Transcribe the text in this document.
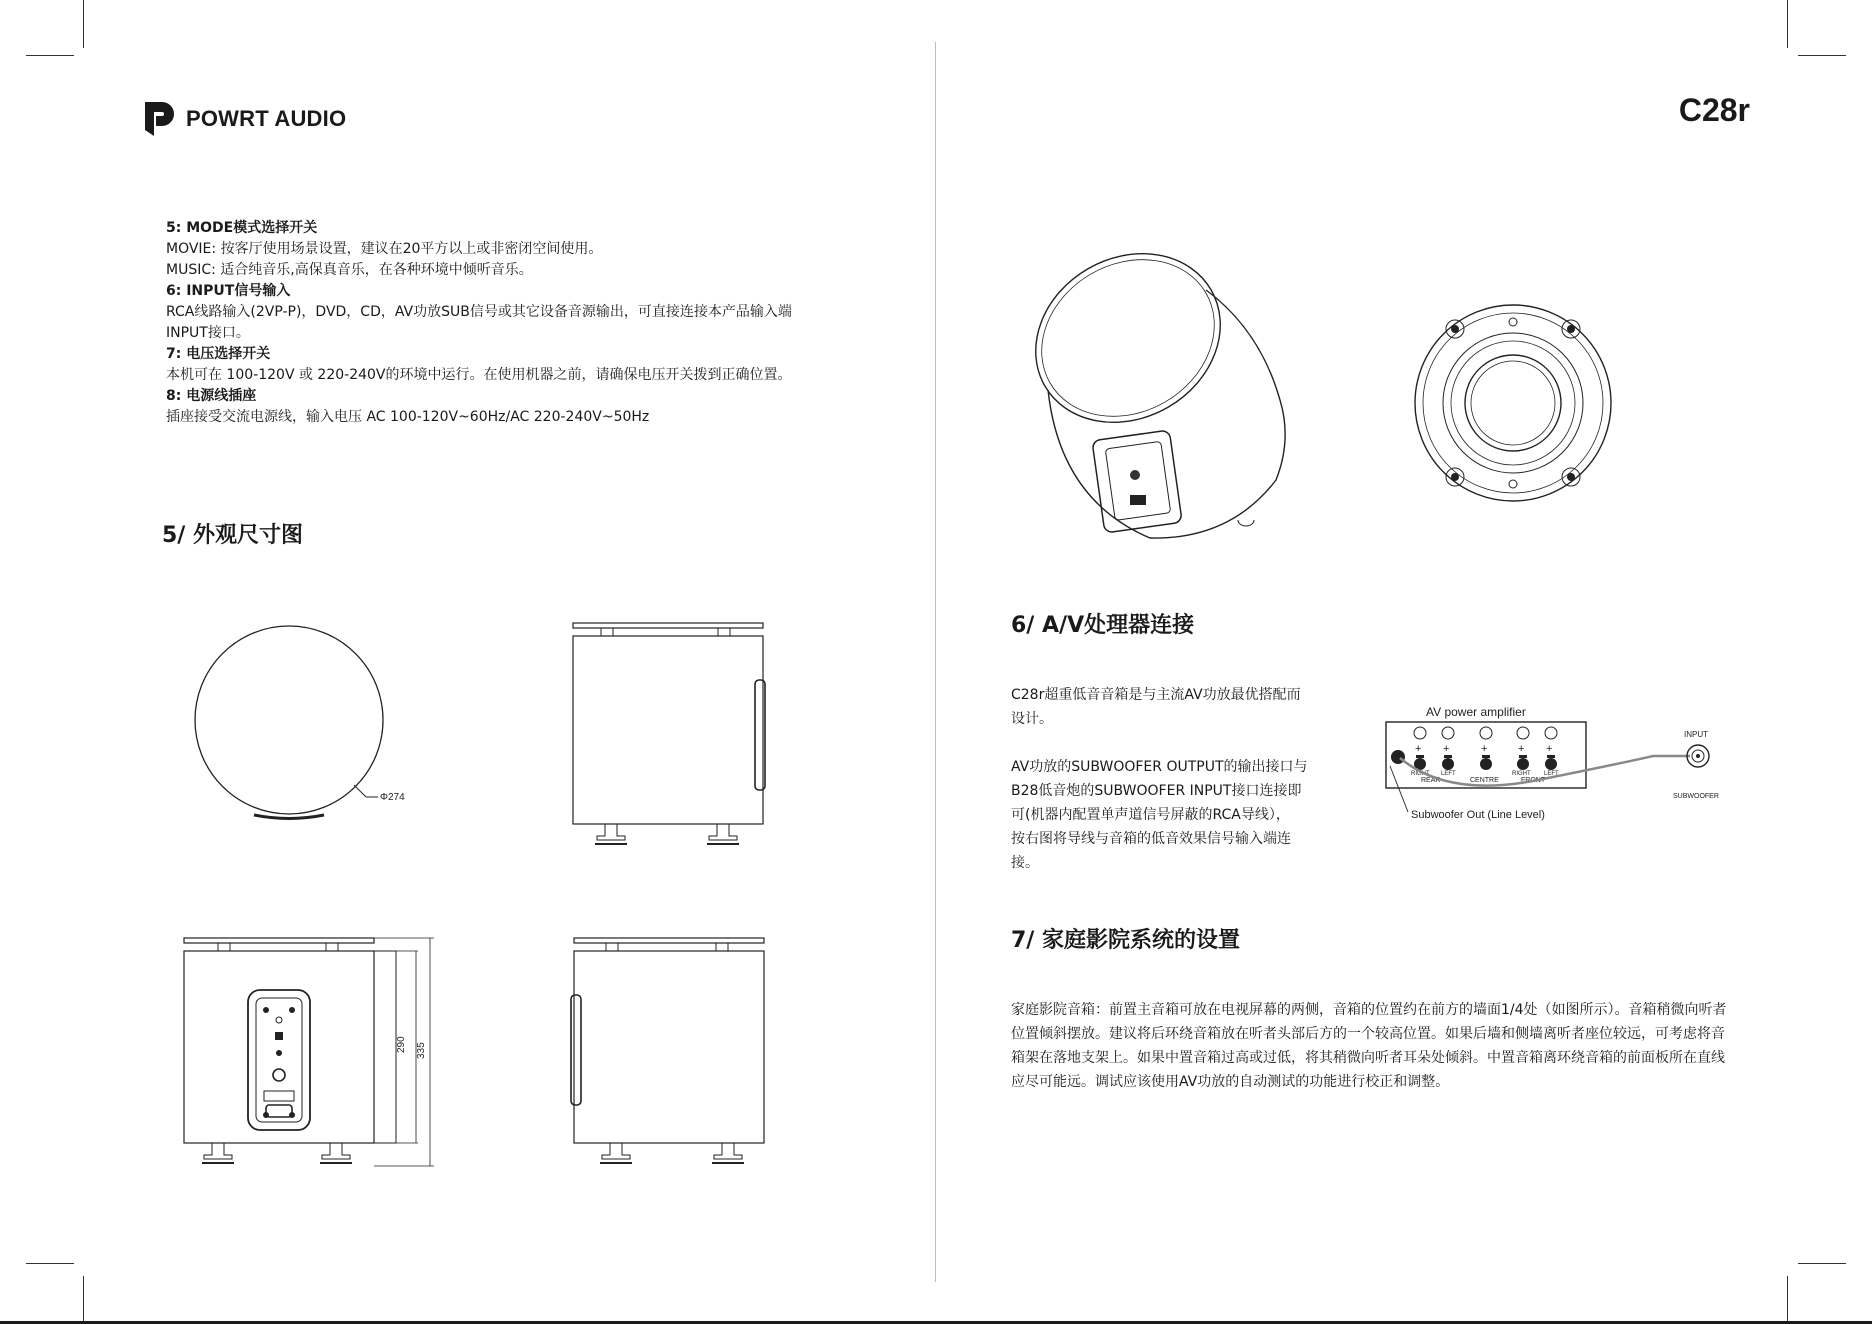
POWRT AUDIO	C28r

5: MODE模式选择开关

MOVIE: 按客厅使用场景设置，建议在20平方以上或非密闭空间使用。

MUSIC: 适合纯音乐,高保真音乐，在各种环境中倾听音乐。

6: INPUT信号输入

RCA线路输入(2VP-P)，DVD，CD，AV功放SUB信号或其它设备音源输出，可直接连接本产品输入端

INPUT接口。

7: 电压选择开关

本机可在 100-120V 或 220-240V的环境中运行。在使用机器之前，请确保电压开关拨到正确位置。

8: 电源线插座

插座接受交流电源线，输入电压 AC 100-120V~60Hz/AC 220-240V~50Hz

5/ 外观尺寸图
Φ274
290 335
6/ A/V处理器连接

C28r超重低音音箱是与主流AV功放最优搭配而

设计。

AV功放的SUBWOOFER OUTPUT的输出接口与

B28低音炮的SUBWOOFER INPUT接口连接即

可(机器内配置单声道信号屏蔽的RCA导线），

按右图将导线与音箱的低音效果信号输入端连

接。

AV power amplifier
+ +	+	+ +
RIGHT LEFT
REAR	CENTRE
RIGHT LEFT
FRONT
INPUT
SUBWOOFER
Subwoofer Out (Line Level)
7/ 家庭影院系统的设置
家庭影院音箱：前置主音箱可放在电视屏幕的两侧，音箱的位置约在前方的墙面1/4处（如图所示）。音箱稍微向听者位置倾斜摆放。建议将后环绕音箱放在听者头部后方的一个较高位置。如果后墙和侧墙离听者座位较远，可考虑将音箱架在落地支架上。如果中置音箱过高或过低，将其稍微向听者耳朵处倾斜。中置音箱离环绕音箱的前面板所在直线应尽可能远。调试应该使用AV功放的自动测试的功能进行校正和调整。
